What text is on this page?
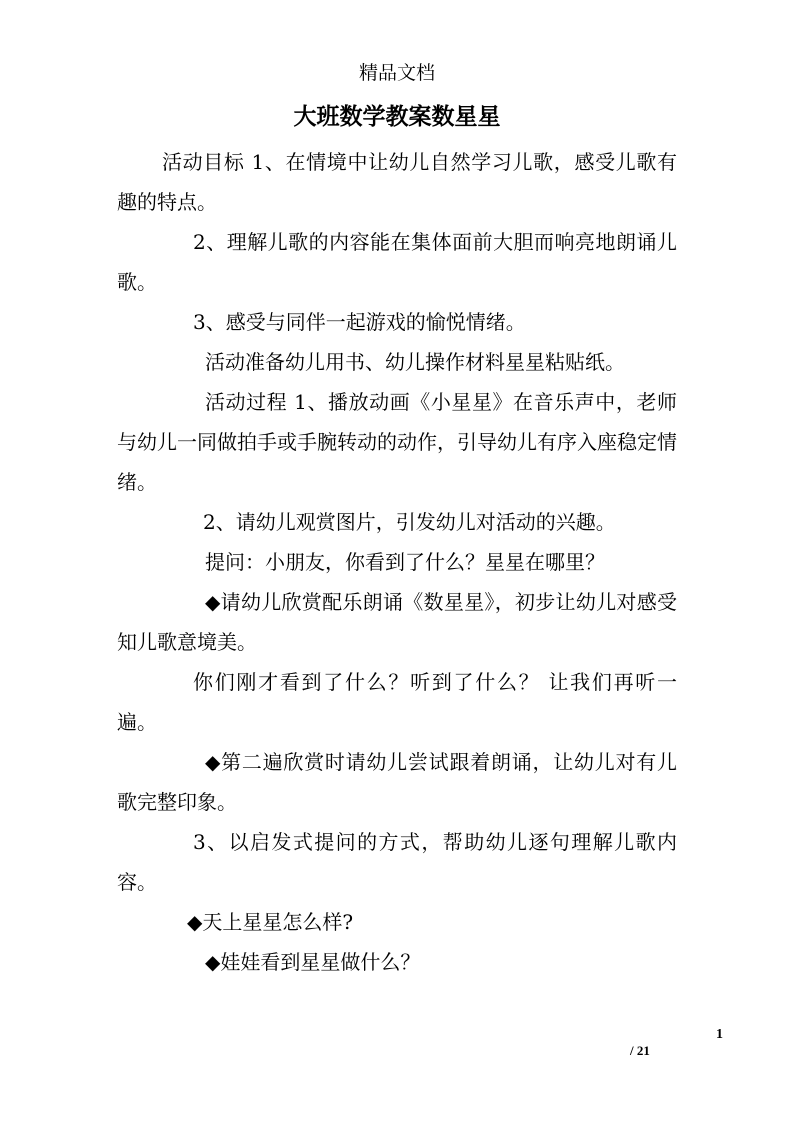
精品文档
大班数学教案数星星

活动目标 1、在情境中让幼儿自然学习儿歌，感受儿歌有趣的特点。

2、理解儿歌的内容能在集体面前大胆而响亮地朗诵儿歌。

3、感受与同伴一起游戏的愉悦情绪。

活动准备幼儿用书、幼儿操作材料星星粘贴纸。

活动过程 1、播放动画《小星星》在音乐声中，老师与幼儿一同做拍手或手腕转动的动作，引导幼儿有序入座稳定情绪。

2、请幼儿观赏图片，引发幼儿对活动的兴趣。

提问：小朋友，你看到了什么？星星在哪里？

◆请幼儿欣赏配乐朗诵《数星星》，初步让幼儿对感受知儿歌意境美。

你们刚才看到了什么？听到了什么？ 让我们再听一遍。

◆第二遍欣赏时请幼儿尝试跟着朗诵，让幼儿对有儿歌完整印象。

3、以启发式提问的方式，帮助幼儿逐句理解儿歌内容。

◆天上星星怎么样?

◆娃娃看到星星做什么？

1
/ 21
